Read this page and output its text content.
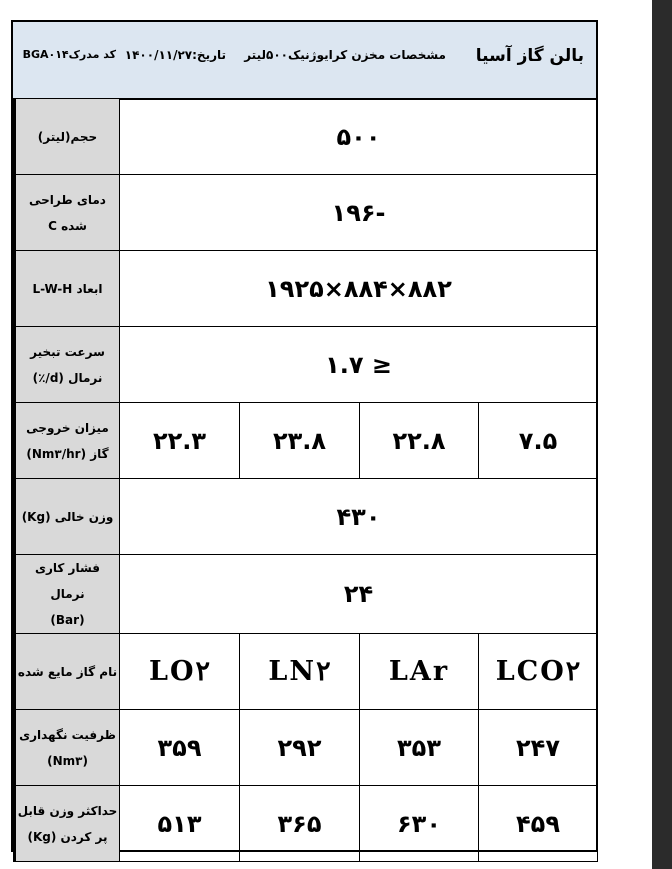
بالن گاز آسیا
مشخصات مخزن کرایوژنیک۵۰۰لیتر
تاریخ:۱۴۰۰/۱۱/۲۷
کد مدرکBGA۰۱۴
حجم(لیتر)	۵۰۰			

دمای طراحی
شده C	-۱۹۶			
ابعاد L-W-H	۸۸۲×۸۸۴×۱۹۲۵			

سرعت تبخیر
نرمال (d/٪)	≤ ۱.۷			

میزان خروجی
گاز (Nm۳/hr)	۲۲.۳	۲۳.۸	۲۲.۸	۷.۵
وزن خالی (Kg)	۴۳۰			

فشار کاری نرمال
(Bar)	۲۴			
نام گاز مایع شده	LO۲	LN۲	LAr	LCO۲

ظرفیت نگهداری
(Nm۳)	۳۵۹	۲۹۲	۳۵۳	۲۴۷

حداکثر وزن قابل
پر کردن (Kg)	۵۱۳	۳۶۵	۶۳۰	۴۵۹
